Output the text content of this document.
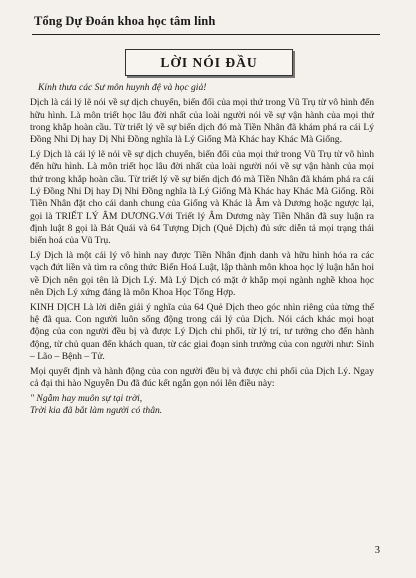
Tổng Dự Đoán khoa học tâm linh
LỜI NÓI ĐẦU

Kính thưa các Sư môn huynh đệ và học giả!

Dịch là cái lý lẽ nói về sự dịch chuyển, biến đổi của mọi thứ trong Vũ Trụ từ vô hình đến hữu hình. Là môn triết học lâu đời nhất của loài người nói về sự vận hành của mọi thứ trong khắp hoàn cầu. Từ triết lý về sự biến dịch đó mà Tiền Nhân đã khám phá ra cái Lý Đồng Nhi Dị hay Dị Nhi Đồng nghĩa là Lý Giống Mà Khác hay Khác Mà Giống.

Lý Dịch là cái lý lẽ nói về sự dịch chuyển, biến đổi của mọi thứ trong Vũ Trụ từ vô hình đến hữu hình. Là môn triết học lâu đời nhất của loài người nói về sự vận hành của mọi thứ trong khắp hoàn cầu. Từ triết lý về sự biến dịch đó mà Tiền Nhân đã khám phá ra cái Lý Đồng Nhi Dị hay Dị Nhi Đồng nghĩa là Lý Giống Mà Khác hay Khác Mà Giống. Rồi Tiền Nhân đặt cho cái danh chung của Giống và Khác là Âm và Dương hoặc ngược lại, gọi là TRIẾT LÝ ÂM DƯƠNG.Với Triết lý Âm Dương này Tiền Nhân đã suy luận ra định luật 8 gọi là Bát Quái và 64 Tượng Dịch (Quẻ Dịch) đủ sức diễn tả mọi trạng thái biến hoá của Vũ Trụ.

Lý Dịch là một cái lý vô hình nay được Tiền Nhân định danh và hữu hình hóa ra các vạch đứt liền và tìm ra công thức Biến Hoá Luật, lập thành môn khoa học lý luận hẳn hoi về Dịch nên gọi tên là Dịch Lý. Mà Lý Dịch có mặt ở khắp mọi ngành nghề khoa học nên Dịch Lý xứng đáng là môn Khoa Học Tổng Hợp.

KINH DỊCH Là lời diễn giải ý nghĩa của 64 Quẻ Dịch theo góc nhìn riêng của từng thế hệ đã qua. Con người luôn sống động trong cái lý của Dịch. Nói cách khác mọi hoạt động của con người đều bị và được Lý Dịch chi phối, từ lý trí, tư tưởng cho đến hành động, từ chủ quan đến khách quan, từ các giai đoạn sinh trưởng của con người như: Sinh – Lão – Bệnh – Tử.

Mọi quyết định và hành động của con người đều bị và được chi phối của Dịch Lý. Ngay cả đại thi hào Nguyễn Du đã đúc kết ngắn gọn nói lên điều này:

" Ngẫm hay muôn sự tại trời,

Trời kia đã bắt làm người có thân.

3
